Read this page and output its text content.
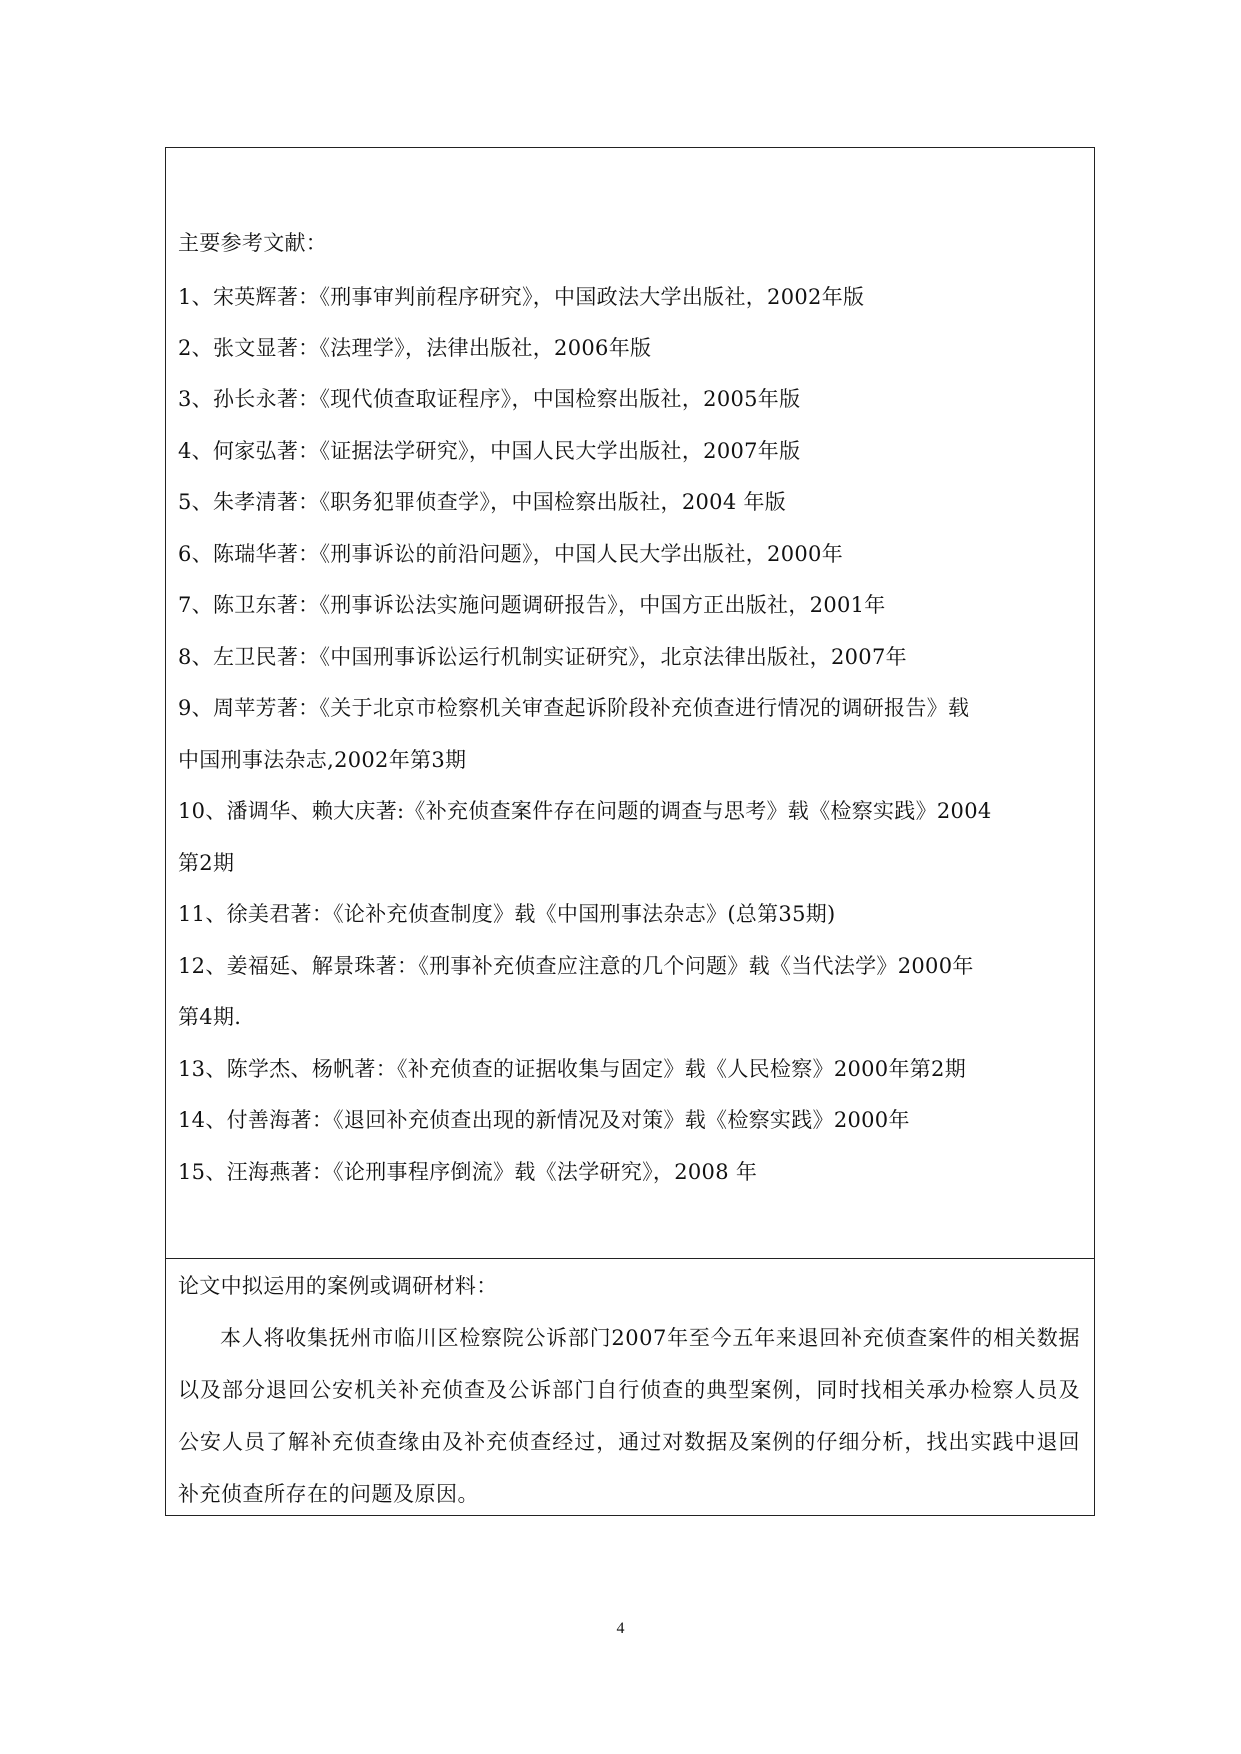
主要参考文献：
1、宋英辉著：《刑事审判前程序研究》，中国政法大学出版社，2002年版
2、张文显著：《法理学》，法律出版社，2006年版
3、孙长永著：《现代侦查取证程序》，中国检察出版社，2005年版
4、何家弘著：《证据法学研究》，中国人民大学出版社，2007年版
5、朱孝清著：《职务犯罪侦查学》，中国检察出版社，2004 年版
6、陈瑞华著：《刑事诉讼的前沿问题》，中国人民大学出版社，2000年
7、陈卫东著：《刑事诉讼法实施问题调研报告》，中国方正出版社，2001年
8、左卫民著：《中国刑事诉讼运行机制实证研究》，北京法律出版社，2007年
9、周苹芳著：《关于北京市检察机关审查起诉阶段补充侦查进行情况的调研报告》载
中国刑事法杂志,2002年第3期
10、潘调华、赖大庆著:《补充侦查案件存在问题的调查与思考》载《检察实践》2004
第2期
11、徐美君著：《论补充侦查制度》载《中国刑事法杂志》(总第35期)
12、姜福延、解景珠著：《刑事补充侦查应注意的几个问题》载《当代法学》2000年
第4期.
13、陈学杰、杨帆著：《补充侦查的证据收集与固定》载《人民检察》2000年第2期
14、付善海著：《退回补充侦查出现的新情况及对策》载《检察实践》2000年
15、汪海燕著：《论刑事程序倒流》载《法学研究》，2008 年
论文中拟运用的案例或调研材料：
本人将收集抚州市临川区检察院公诉部门2007年至今五年来退回补充侦查案件的相关数据以及部分退回公安机关补充侦查及公诉部门自行侦查的典型案例，同时找相关承办检察人员及公安人员了解补充侦查缘由及补充侦查经过，通过对数据及案例的仔细分析，找出实践中退回补充侦查所存在的问题及原因。
4
